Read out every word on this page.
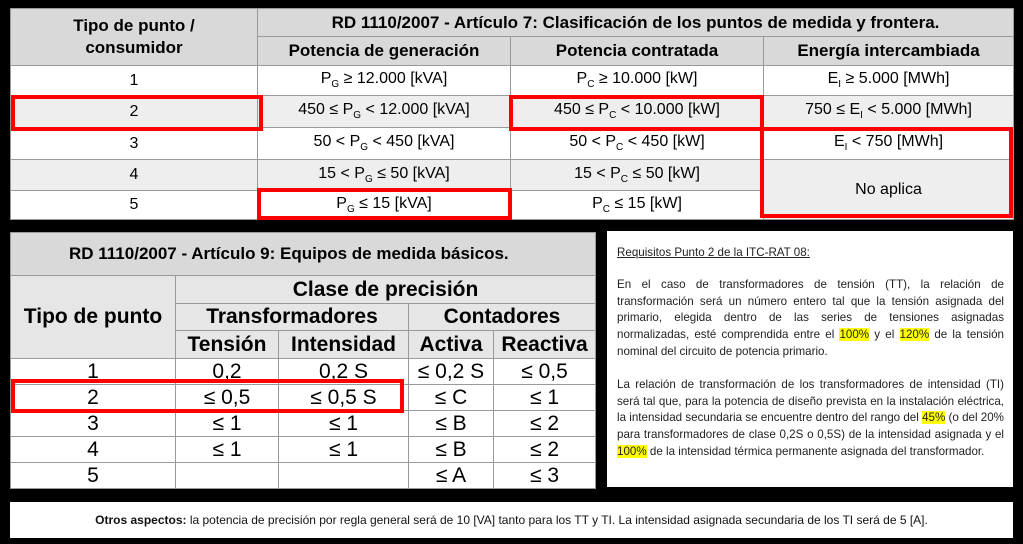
Tipo de punto / consumidor	RD 1110/2007 - Artículo 7: Clasificación de los puntos de medida y frontera.		
	Potencia de generación	Potencia contratada	Energía intercambiada
1	$P_G \ge 12.000$ [kVA]	$P_C \ge 10.000$ [kW]	$E_I \ge 5.000$ [MWh]
2	$450 \le P_G < 12.000$ [kVA]	$450 \le P_C < 10.000$ [kW]	$750 \le E_I < 5.000$ [MWh]
3	$50 < P_G < 450$ [kVA]	$50 < P_C < 450$ [kW]	$E_I < 750$ [MWh]
4	$15 < P_G \le 50$ [kVA]	$15 < P_C \le 50$ [kW]	No aplica
5	$P_G \le 15$ [kVA]	$P_C \le 15$ [kW]	
RD 1110/2007 - Artículo 9: Equipos de medida básicos.				
Tipo de punto	Clase de precisión			
	Transformadores		Contadores	
	Tensión	Intensidad	Activa	Reactiva
1	0,2	0,2 S	≤ 0,2 S	≤ 0,5
2	≤ 0,5	≤ 0,5 S	≤ C	≤ 1
3	≤ 1	≤ 1	≤ B	≤ 2
4	≤ 1	≤ 1	≤ B	≤ 2
5			≤ A	≤ 3

Requisitos Punto 2 de la ITC-RAT 08:

En el caso de transformadores de tensión (TT), la relación de transformación será un número entero tal que la tensión asignada del primario, elegida dentro de las series de tensiones asignadas normalizadas, esté comprendida entre el 100% y el 120% de la tensión nominal del circuito de potencia primario.

La relación de transformación de los transformadores de intensidad (TI) será tal que, para la potencia de diseño prevista en la instalación eléctrica, la intensidad secundaria se encuentre dentro del rango del 45% (o del 20% para transformadores de clase 0,2S o 0,5S) de la intensidad asignada y el 100% de la intensidad térmica permanente asignada del transformador.

Otros aspectos: la potencia de precisión por regla general será de 10 [VA] tanto para los TT y TI. La intensidad asignada secundaria de los TI será de 5 [A].
